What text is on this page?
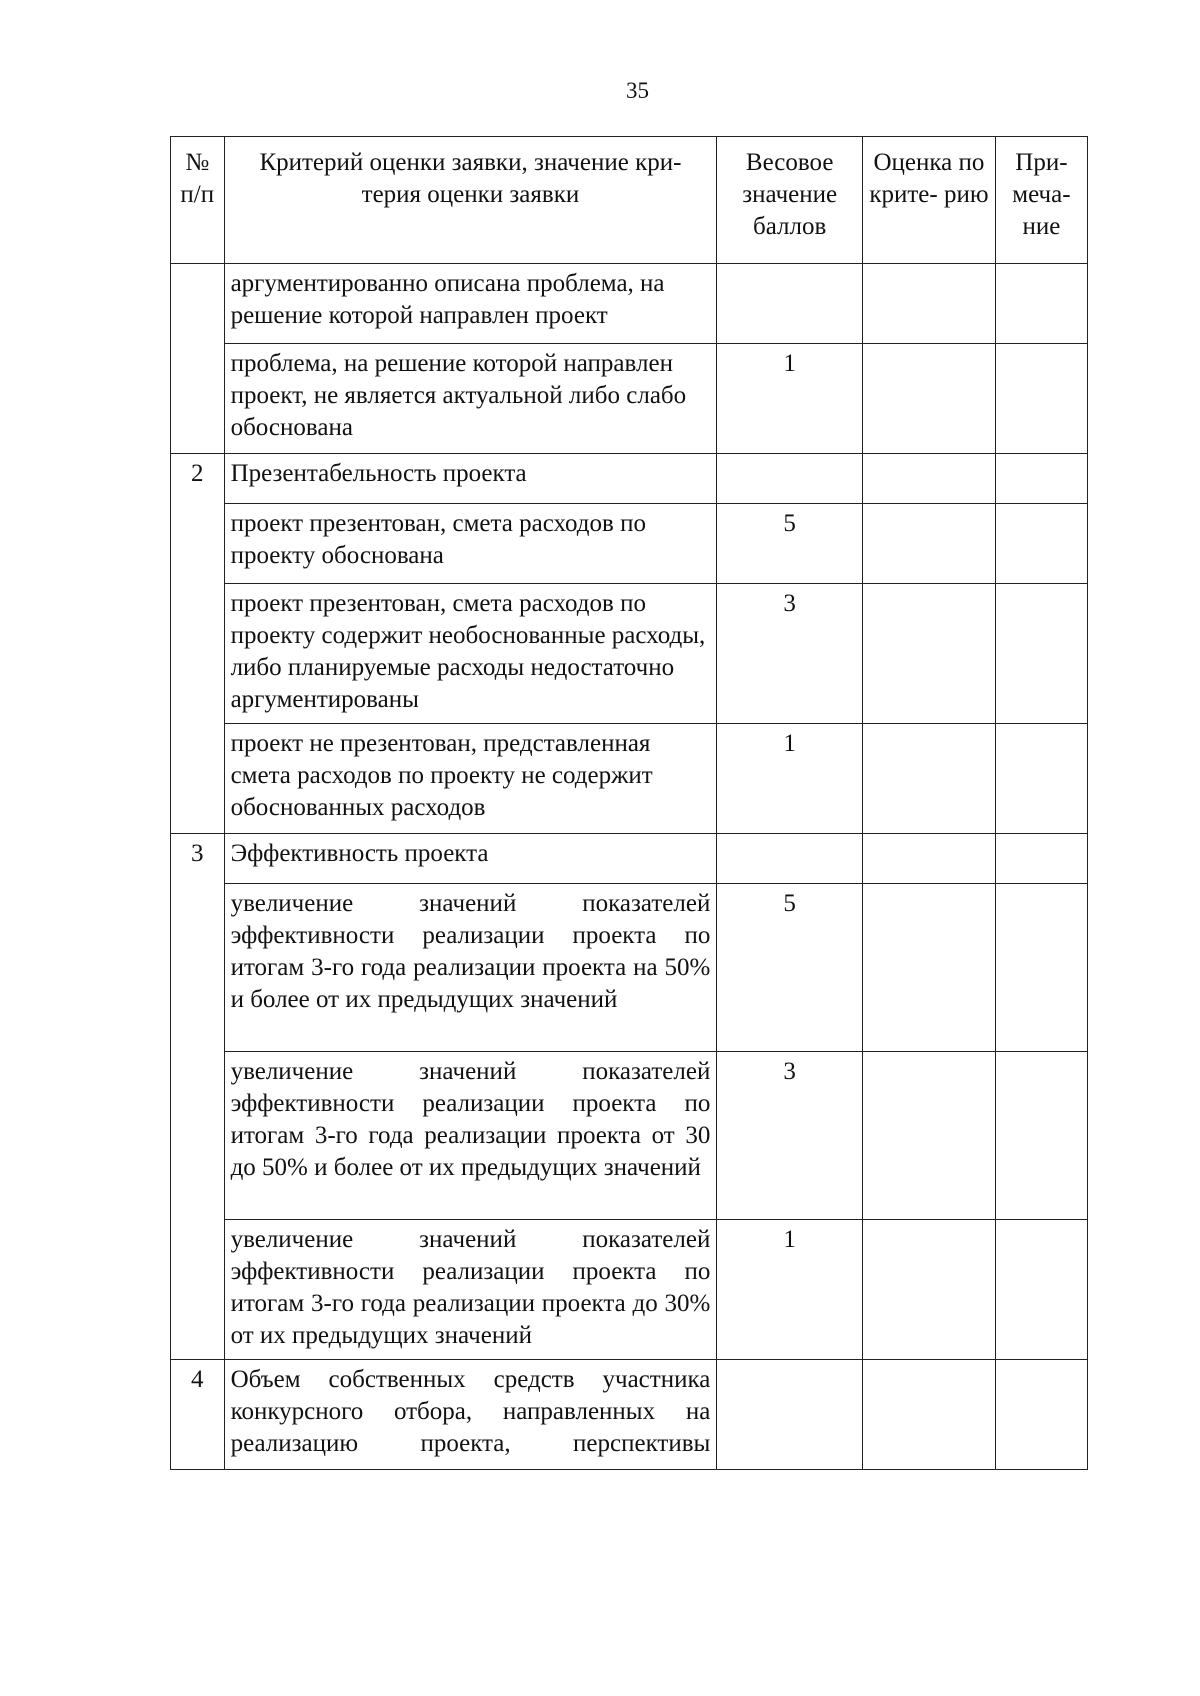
35
№ п/п	Критерий оценки заявки, значение кри- терия оценки заявки	Весовое значение баллов	Оценка по крите- рию	При- меча- ние
	аргументированно описана проблема, на решение которой направлен проект			
	проблема, на решение которой направлен проект, не является актуальной либо слабо обоснована	1		
2	Презентабельность проекта			
	проект презентован, смета расходов по проекту обоснована	5		
	проект презентован, смета расходов по проекту содержит необоснованные расходы, либо планируемые расходы недостаточно аргументированы	3		
	проект не презентован, представленная смета расходов по проекту не содержит обоснованных расходов	1		
3	Эффективность проекта			
	увеличение значений показателей эффективности реализации проекта по итогам 3-го года реализации проекта на 50% и более от их предыдущих значений	5		
	увеличение значений показателей эффективности реализации проекта по итогам 3-го года реализации проекта от 30 до 50% и более от их предыдущих значений	3		
	увеличение значений показателей эффективности реализации проекта по итогам 3-го года реализации проекта до 30% от их предыдущих значений	1		
4	Объем собственных средств участника конкурсного отбора, направленных на реализацию проекта, перспективы			
